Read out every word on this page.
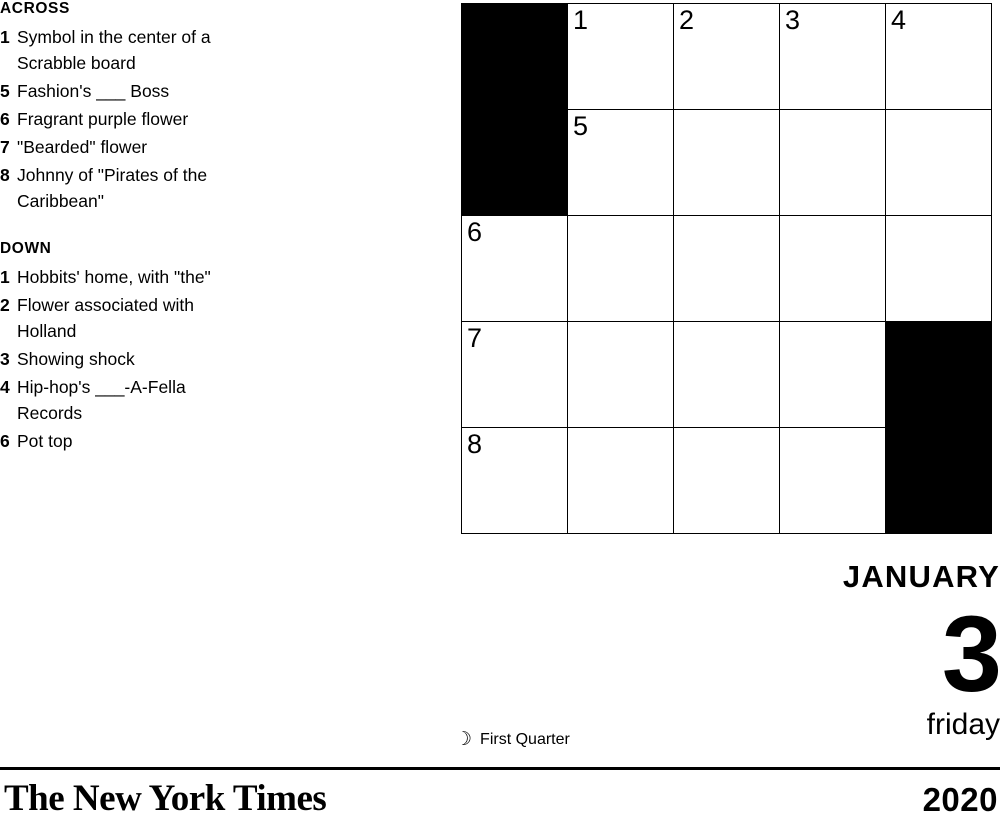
ACROSS
1 Symbol in the center of a Scrabble board
5 Fashion's ___ Boss
6 Fragrant purple flower
7 "Bearded" flower
8 Johnny of "Pirates of the Caribbean"
DOWN
1 Hobbits' home, with "the"
2 Flower associated with Holland
3 Showing shock
4 Hip-hop's ___-A-Fella Records
6 Pot top

	1	2	3	4

	5			

6				

7				

8				

JANUARY
3
friday
☽ First Quarter
The New York Times	2020
